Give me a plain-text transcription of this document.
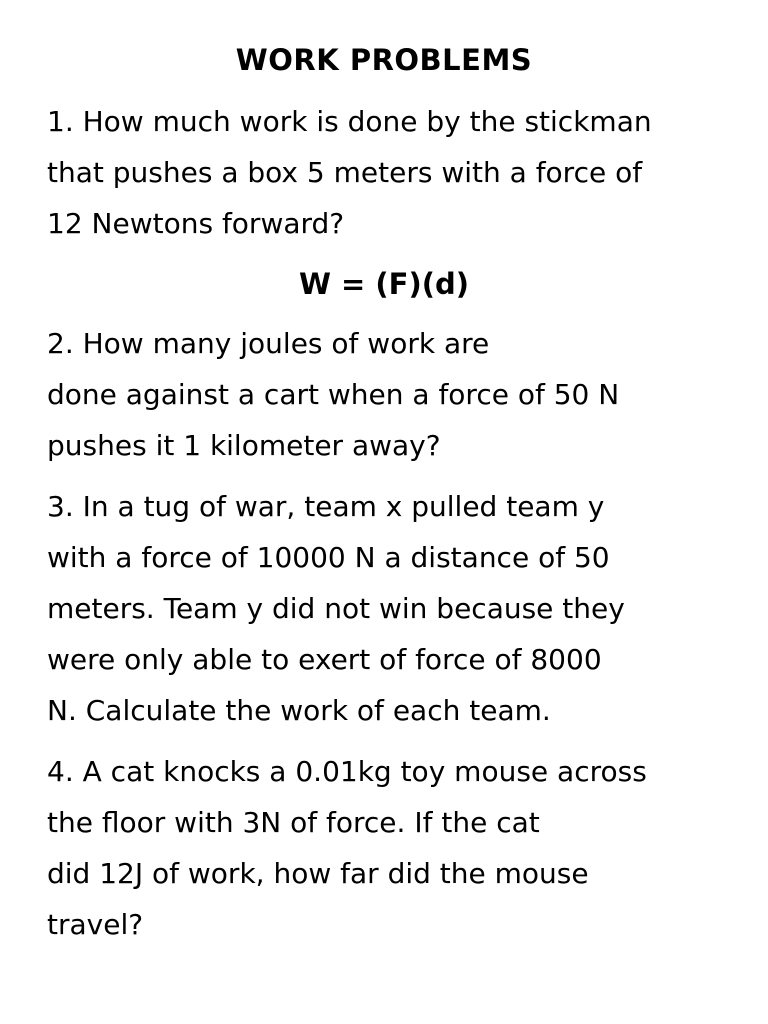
WORK PROBLEMS
1. How much work is done by the stickman
that pushes a box 5 meters with a force of
12 Newtons forward?
W = (F)(d)
2. How many joules of work are
done against a cart when a force of 50 N
pushes it 1 kilometer away?
3. In a tug of war, team x pulled team y
with a force of 10000 N a distance of 50
meters. Team y did not win because they
were only able to exert of force of 8000
N. Calculate the work of each team.
4. A cat knocks a 0.01kg toy mouse across
the floor with 3N of force. If the cat
did 12J of work, how far did the mouse
travel?
